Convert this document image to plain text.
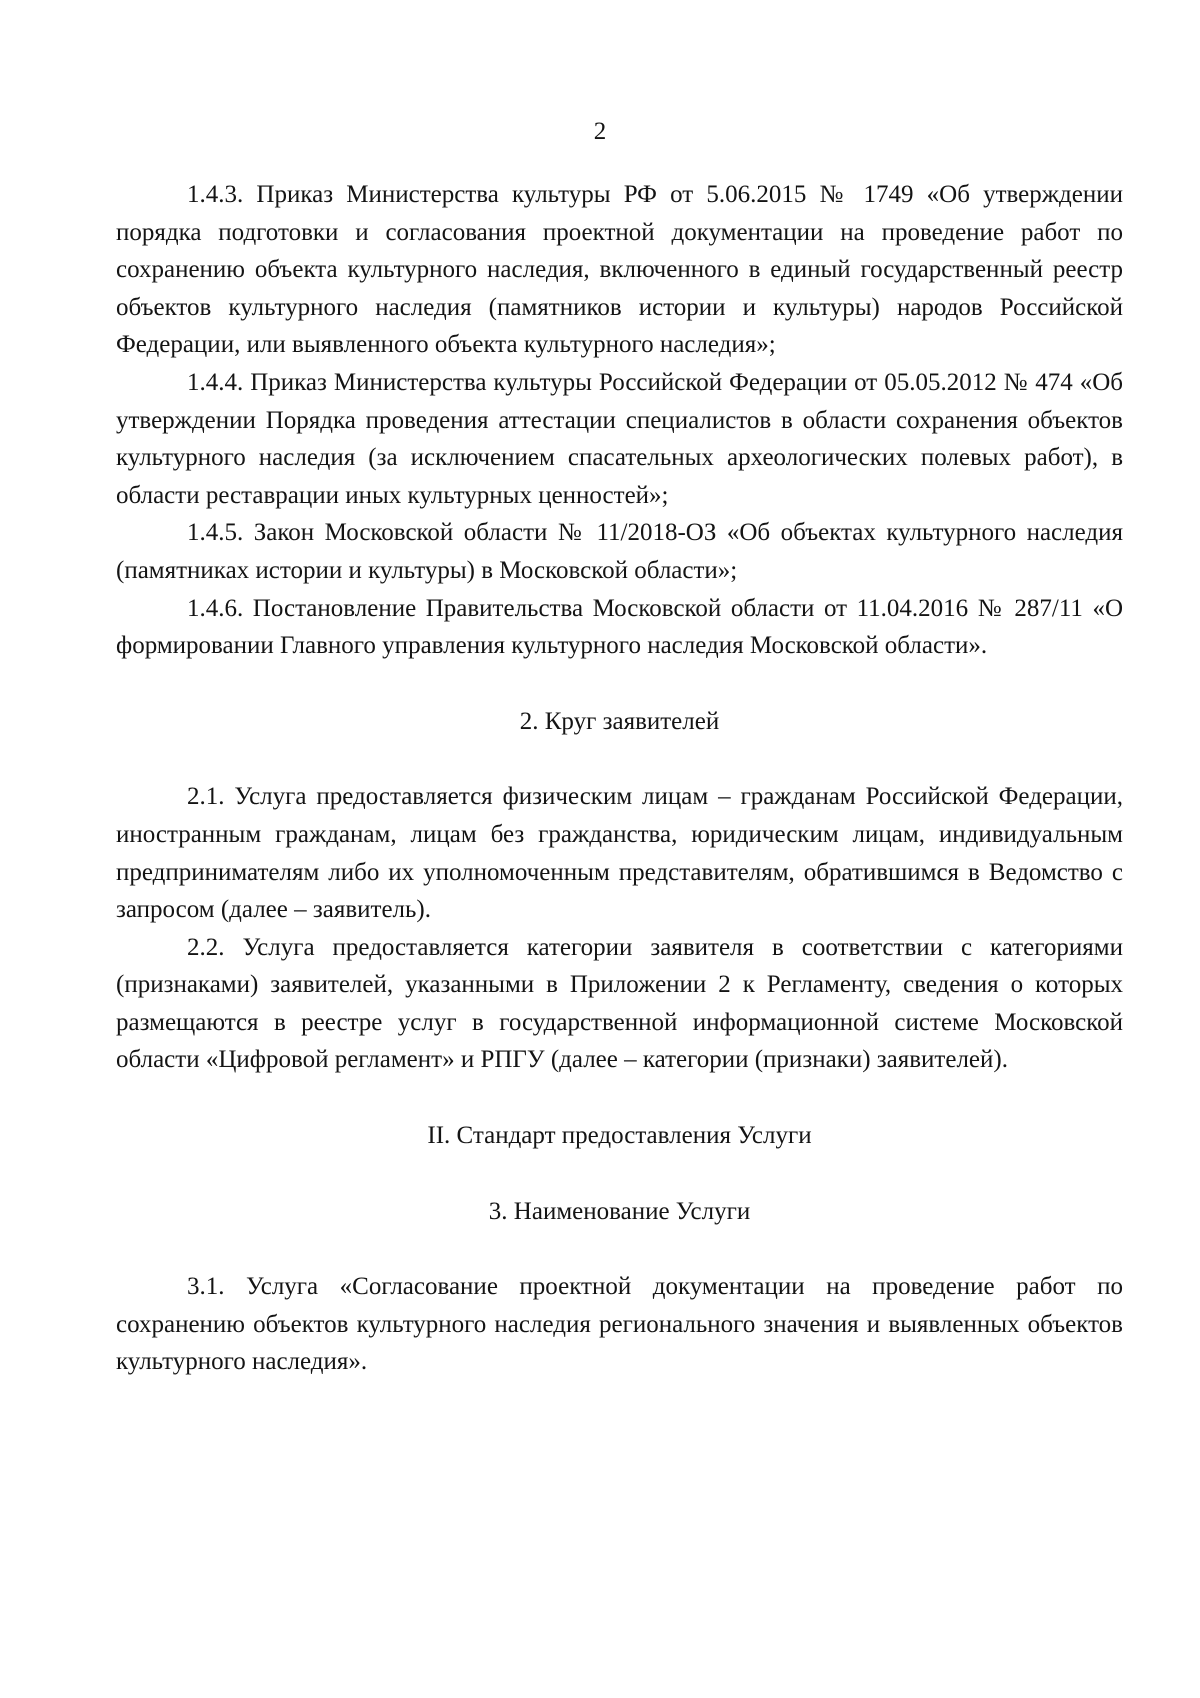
2

1.4.3. Приказ Министерства культуры РФ от 5.06.2015 № 1749 «Об утверждении порядка подготовки и согласования проектной документации на проведение работ по сохранению объекта культурного наследия, включенного в единый государственный реестр объектов культурного наследия (памятников истории и культуры) народов Российской Федерации, или выявленного объекта культурного наследия»;

1.4.4. Приказ Министерства культуры Российской Федерации от 05.05.2012 № 474 «Об утверждении Порядка проведения аттестации специалистов в области сохранения объектов культурного наследия (за исключением спасательных археологических полевых работ), в области реставрации иных культурных ценностей»;

1.4.5. Закон Московской области № 11/2018-ОЗ «Об объектах культурного наследия (памятниках истории и культуры) в Московской области»;

1.4.6. Постановление Правительства Московской области от 11.04.2016 № 287/11 «О формировании Главного управления культурного наследия Московской области».

2. Круг заявителей

2.1. Услуга предоставляется физическим лицам – гражданам Российской Федерации, иностранным гражданам, лицам без гражданства, юридическим лицам, индивидуальным предпринимателям либо их уполномоченным представителям, обратившимся в Ведомство с запросом (далее – заявитель).

2.2. Услуга предоставляется категории заявителя в соответствии с категориями (признаками) заявителей, указанными в Приложении 2 к Регламенту, сведения о которых размещаются в реестре услуг в государственной информационной системе Московской области «Цифровой регламент» и РПГУ (далее – категории (признаки) заявителей).

II. Стандарт предоставления Услуги

3. Наименование Услуги

3.1. Услуга «Согласование проектной документации на проведение работ по сохранению объектов культурного наследия регионального значения и выявленных объектов культурного наследия».
